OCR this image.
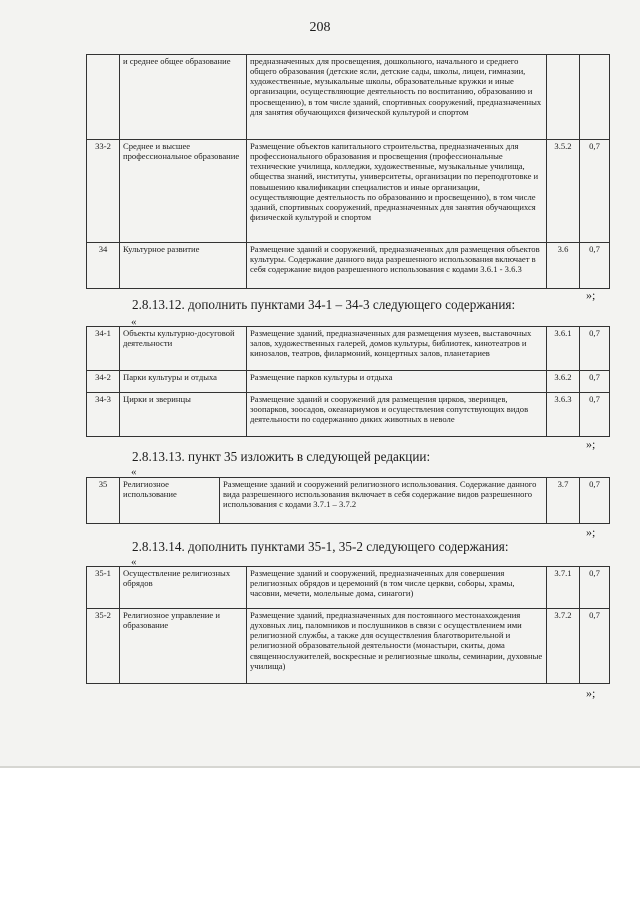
208
	и среднее общее образование	предназначенных для просвещения, дошкольного, начального и среднего общего образования (детские ясли, детские сады, школы, лицеи, гимназии, художественные, музыкальные школы, образовательные кружки и иные организации, осуществляющие деятельность по воспитанию, образованию и просвещению), в том числе зданий, спортивных сооружений, предназначенных для занятия обучающихся физической культурой и спортом		
33-2	Среднее и высшее профессиональное образование	Размещение объектов капитального строительства, предназначенных для профессионального образования и просвещения (профессиональные технические училища, колледжи, художественные, музыкальные училища, общества знаний, институты, университеты, организации по переподготовке и повышению квалификации специалистов и иные организации, осуществляющие деятельность по образованию и просвещению), в том числе зданий, спортивных сооружений, предназначенных для занятия обучающихся физической культурой и спортом	3.5.2	0,7
34	Культурное развитие	Размещение зданий и сооружений, предназначенных для размещения объектов культуры. Содержание данного вида разрешенного использования включает в себя содержание видов разрешенного использования с кодами 3.6.1 - 3.6.3	3.6	0,7
»;
2.8.13.12. дополнить пунктами 34-1 – 34-3 следующего содержания:
«
34-1	Объекты культурно-досуговой деятельности	Размещение зданий, предназначенных для размещения музеев, выставочных залов, художественных галерей, домов культуры, библиотек, кинотеатров и кинозалов, театров, филармоний, концертных залов, планетариев	3.6.1	0,7
34-2	Парки культуры и отдыха	Размещение парков культуры и отдыха	3.6.2	0,7
34-3	Цирки и зверинцы	Размещение зданий и сооружений для размещения цирков, зверинцев, зоопарков, зоосадов, океанариумов и осуществления сопутствующих видов деятельности по содержанию диких животных в неволе	3.6.3	0,7
»;
2.8.13.13. пункт 35 изложить в следующей редакции:
«
35	Религиозное использование	Размещение зданий и сооружений религиозного использования. Содержание данного вида разрешенного использования включает в себя содержание видов разрешенного использования с кодами 3.7.1 – 3.7.2	3.7	0,7
»;
2.8.13.14. дополнить пунктами 35-1, 35-2 следующего содержания:
«
35-1	Осуществление религиозных обрядов	Размещение зданий и сооружений, предназначенных для совершения религиозных обрядов и церемоний (в том числе церкви, соборы, храмы, часовни, мечети, молельные дома, синагоги)	3.7.1	0,7
35-2	Религиозное управление и образование	Размещение зданий, предназначенных для постоянного местонахождения духовных лиц, паломников и послушников в связи с осуществлением ими религиозной службы, а также для осуществления благотворительной и религиозной образовательной деятельности (монастыри, скиты, дома священнослужителей, воскресные и религиозные школы, семинарии, духовные училища)	3.7.2	0,7
»;
